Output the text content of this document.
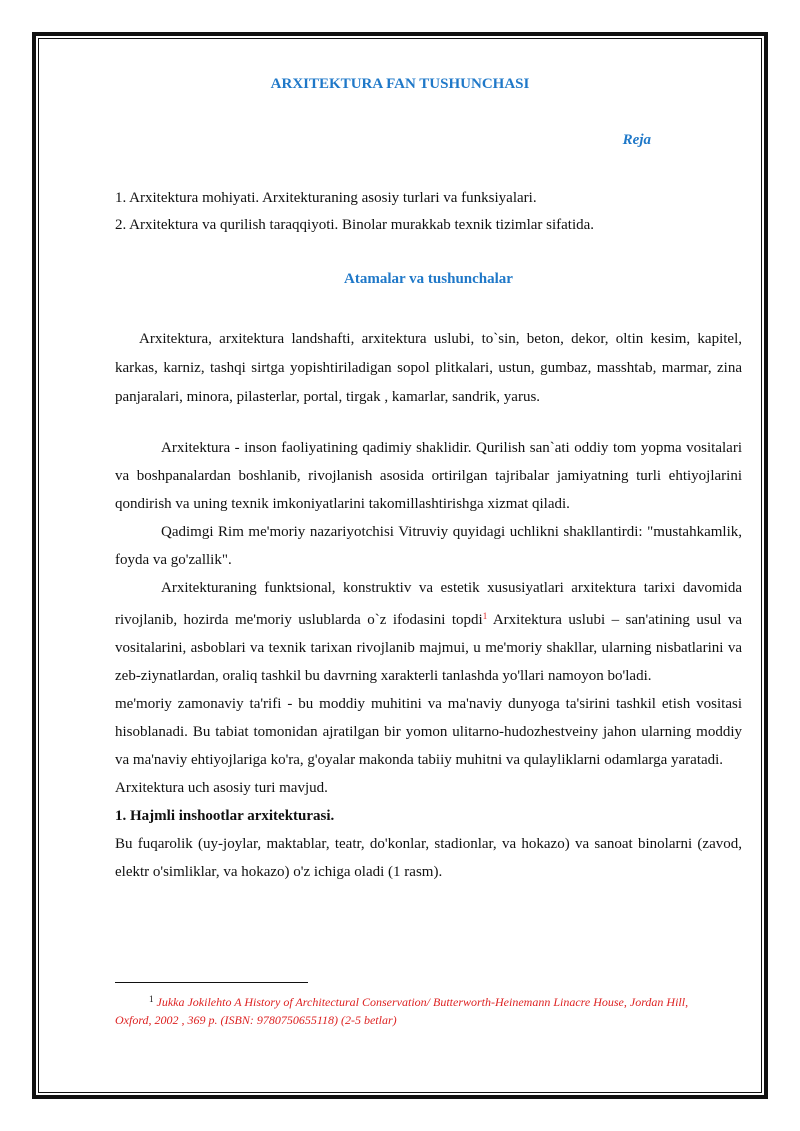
ARXITEKTURA FAN TUSHUNCHASI
Reja
1. Arxitektura mohiyati. Arxitekturaning asosiy turlari va funksiyalari.
2. Arxitektura va qurilish taraqqiyoti. Binolar murakkab texnik tizimlar sifatida.
Atamalar va tushunchalar
Arxitektura, arxitektura landshafti, arxitektura uslubi, to`sin, beton, dekor, oltin kesim, kapitel, karkas, karniz, tashqi sirtga yopishtiriladigan sopol plitkalari, ustun, gumbaz, masshtab, marmar, zina panjaralari, minora, pilasterlar, portal, tirgak , kamarlar, sandrik, yarus.

Arxitektura - inson faoliyatining qadimiy shaklidir. Qurilish san`ati oddiy tom yopma vositalari va boshpanalardan boshlanib, rivojlanish asosida ortirilgan tajribalar jamiyatning turli ehtiyojlarini qondirish va uning texnik imkoniyatlarini takomillashtirishga xizmat qiladi.

Qadimgi Rim me'moriy nazariyotchisi Vitruviy quyidagi uchlikni shakllantirdi: "mustahkamlik, foyda va go'zallik".

Arxitekturaning funktsional, konstruktiv va estetik xususiyatlari arxitektura tarixi davomida rivojlanib, hozirda me'moriy uslublarda o`z ifodasini topdi$^1$ Arxitektura uslubi – san'atining usul va vositalarini, asboblari va texnik tarixan rivojlanib majmui, u me'moriy shakllar, ularning nisbatlarini va zeb-ziynatlardan, oraliq tashkil bu davrning xarakterli tanlashda yo'llari namoyon bo'ladi.

me'moriy zamonaviy ta'rifi - bu moddiy muhitini va ma'naviy dunyoga ta'sirini tashkil etish vositasi hisoblanadi. Bu tabiat tomonidan ajratilgan bir yomon ulitarno-hudozhestveiny jahon ularning moddiy va ma'naviy ehtiyojlariga ko'ra, g'oyalar makonda tabiiy muhitni va qulayliklarni odamlarga yaratadi.

Arxitektura uch asosiy turi mavjud.

1. Hajmli inshootlar arxitekturasi.

Bu fuqarolik (uy-joylar, maktablar, teatr, do'konlar, stadionlar, va hokazo) va sanoat binolarni (zavod, elektr o'simliklar, va hokazo) o'z ichiga oladi (1 rasm).

$^1$ Jukka Jokilehto A History of Architectural Conservation/ Butterworth-Heinemann Linacre House, Jordan Hill, Oxford, 2002 , 369 p. (ISBN: 9780750655118) (2-5 betlar)
